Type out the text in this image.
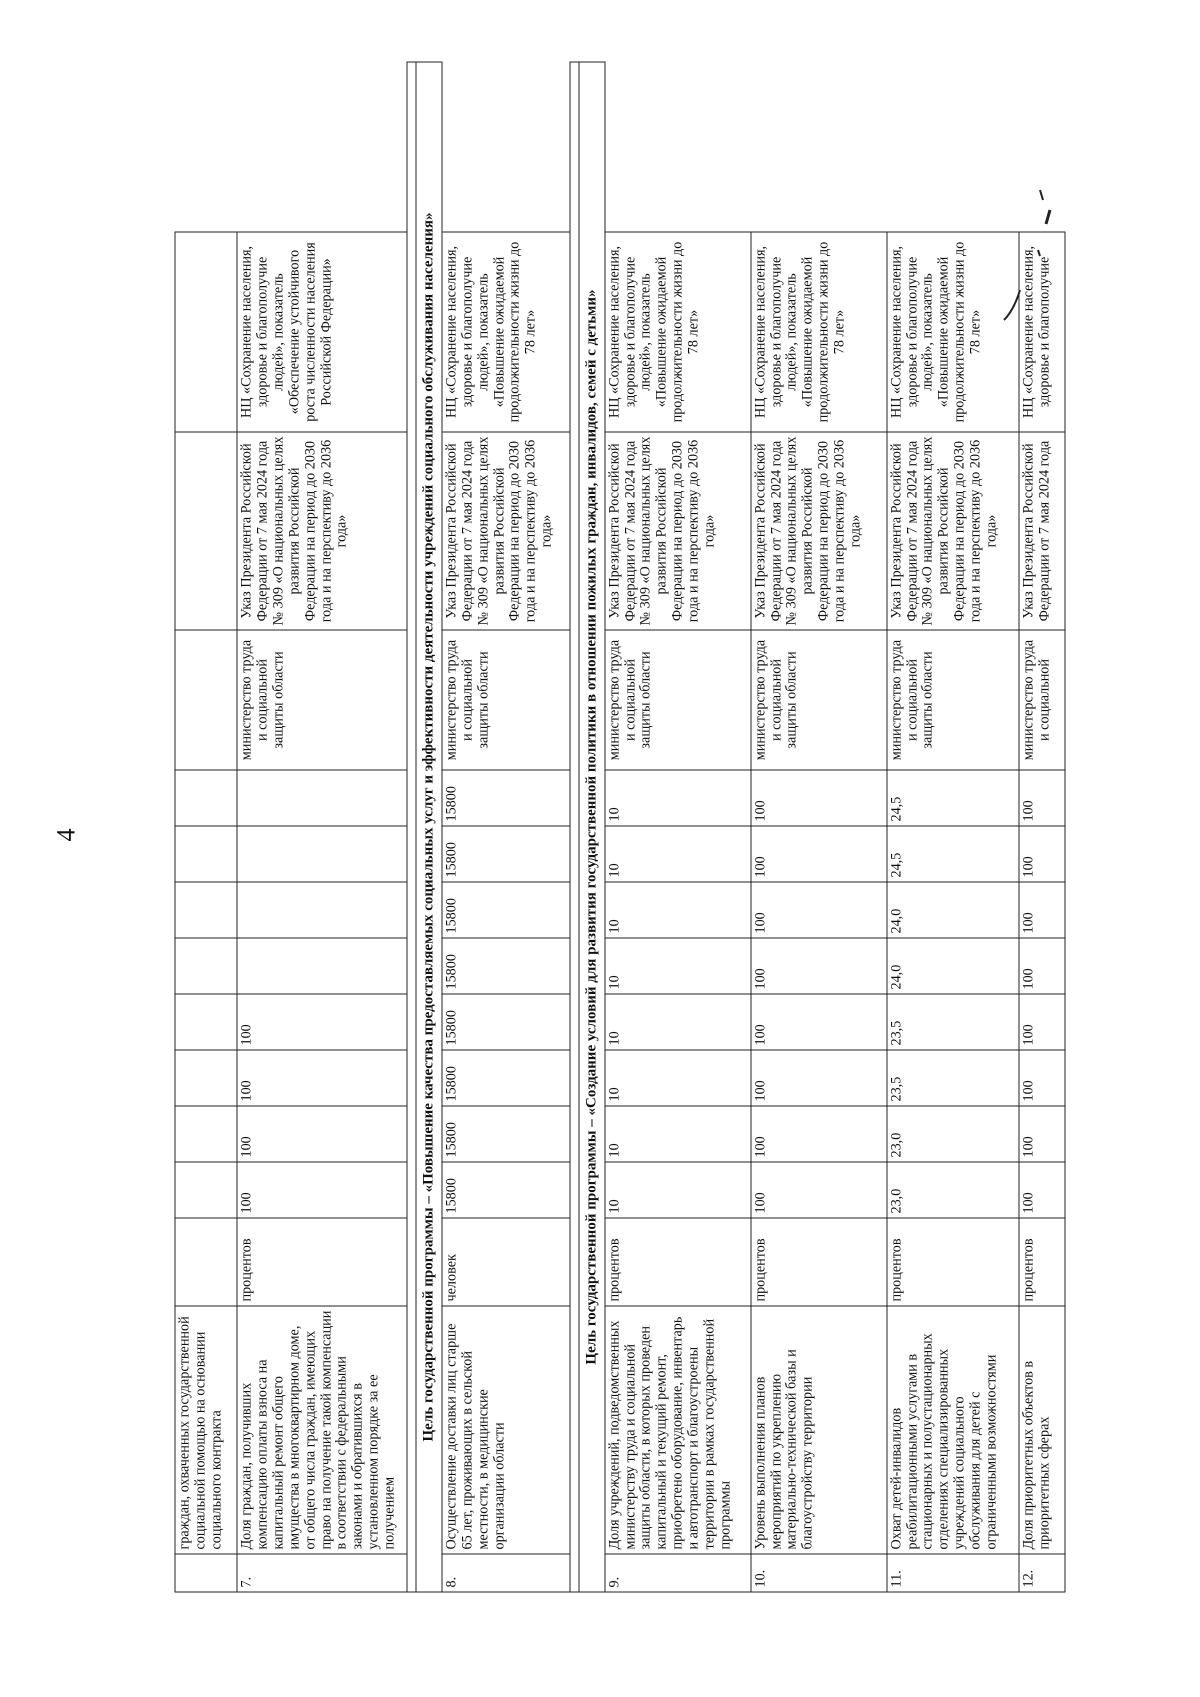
4
	граждан, охваченных государственной социальной помощью на основании социального контракта												
7.	Доля граждан, получивших компенсацию оплаты взноса на капитальный ремонт общего имущества в многоквартирном доме, от общего числа граждан, имеющих право на получение такой компенсации в соответствии с федеральными законами и обратившихся в установленном порядке за ее получением	процентов	100	100	100	100					министерство труда и социальной защиты области	Указ Президента Российской Федерации от 7 мая 2024 года № 309 «О национальных целях развития Российской Федерации на период до 2030 года и на перспективу до 2036 года»	НЦ «Сохранение населения, здоровье и благополучие людей», показатель «Обеспечение устойчивого роста численности населения Российской Федерации»

Цель государственной программы – «Повышение качества предоставляемых социальных услуг и эффективности деятельности учреждений социального обслуживания населения»													
8.	Осуществление доставки лиц старше 65 лет, проживающих в сельской местности, в медицинские организации области	человек	15800	15800	15800	15800	15800	15800	15800	15800	министерство труда и социальной защиты области	Указ Президента Российской Федерации от 7 мая 2024 года № 309 «О национальных целях развития Российской Федерации на период до 2030 года и на перспективу до 2036 года»	НЦ «Сохранение населения, здоровье и благополучие людей», показатель «Повышение ожидаемой продолжительности жизни до 78 лет»

Цель государственной программы – «Создание условий для развития государственной политики в отношении пожилых граждан, инвалидов, семей с детьми»													
9.	Доля учреждений, подведомственных министерству труда и социальной защиты области, в которых проведен капитальный и текущий ремонт, приобретено оборудование, инвентарь и автотранспорт и благоустроены территории в рамках государственной программы	процентов	10	10	10	10	10	10	10	10	министерство труда и социальной защиты области	Указ Президента Российской Федерации от 7 мая 2024 года № 309 «О национальных целях развития Российской Федерации на период до 2030 года и на перспективу до 2036 года»	НЦ «Сохранение населения, здоровье и благополучие людей», показатель «Повышение ожидаемой продолжительности жизни до 78 лет»
10.	Уровень выполнения планов мероприятий по укреплению материально-технической базы и благоустройству территории	процентов	100	100	100	100	100	100	100	100	министерство труда и социальной защиты области	Указ Президента Российской Федерации от 7 мая 2024 года № 309 «О национальных целях развития Российской Федерации на период до 2030 года и на перспективу до 2036 года»	НЦ «Сохранение населения, здоровье и благополучие людей», показатель «Повышение ожидаемой продолжительности жизни до 78 лет»
11.	Охват детей-инвалидов реабилитационными услугами в стационарных и полустационарных отделениях специализированных учреждений социального обслуживания для детей с ограниченными возможностями	процентов	23,0	23,0	23,5	23,5	24,0	24,0	24,5	24,5	министерство труда и социальной защиты области	Указ Президента Российской Федерации от 7 мая 2024 года № 309 «О национальных целях развития Российской Федерации на период до 2030 года и на перспективу до 2036 года»	НЦ «Сохранение населения, здоровье и благополучие людей», показатель «Повышение ожидаемой продолжительности жизни до 78 лет»
12.	Доля приоритетных объектов в приоритетных сферах	процентов	100	100	100	100	100	100	100	100	министерство труда и социальной	Указ Президента Российской Федерации от 7 мая 2024 года	НЦ «Сохранение населения, здоровье и благополучие
